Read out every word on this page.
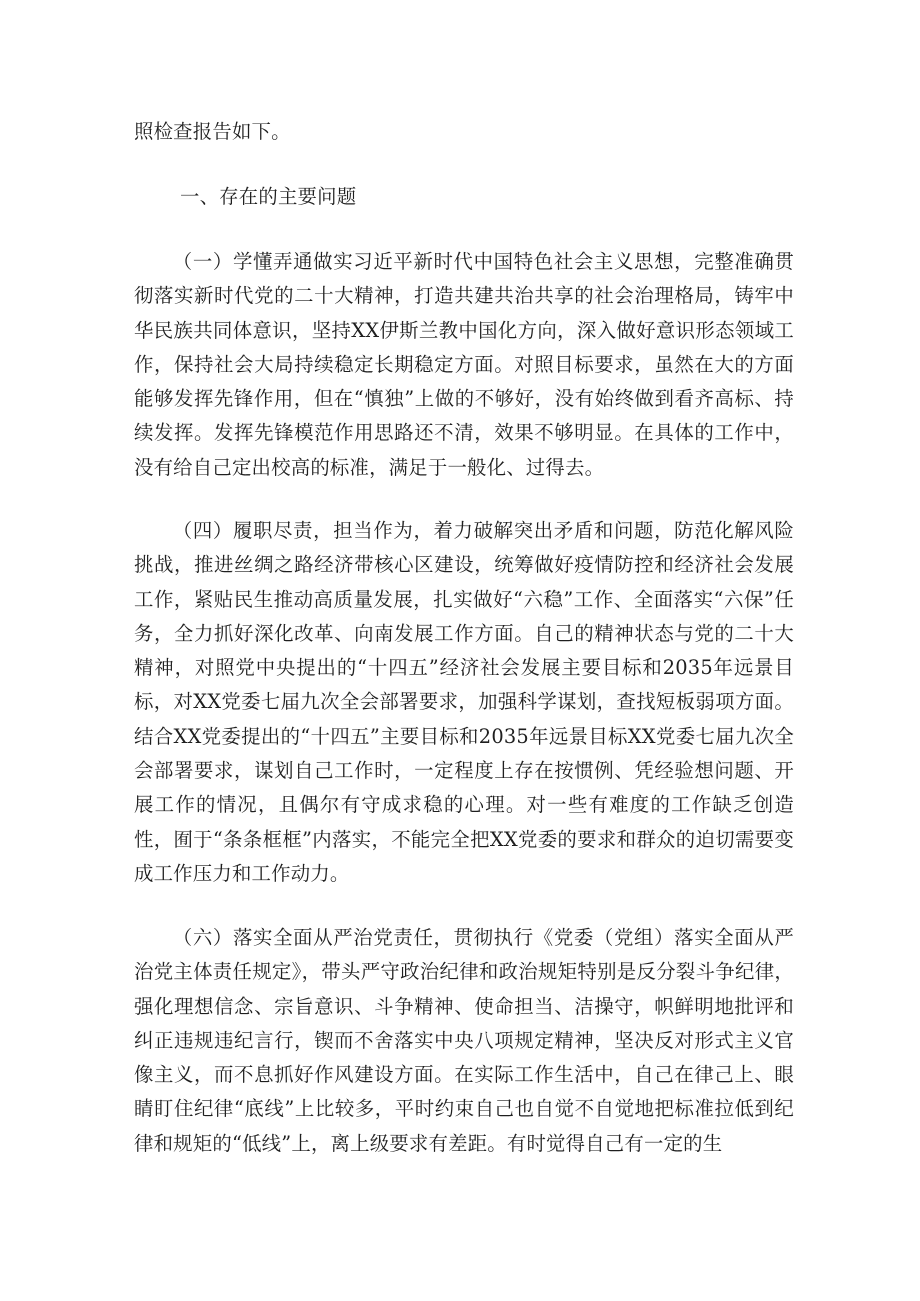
照检查报告如下。

一、存在的主要问题

（一）学懂弄通做实习近平新时代中国特色社会主义思想，完整准确贯彻落实新时代党的二十大精神，打造共建共治共享的社会治理格局，铸牢中华民族共同体意识，坚持XX伊斯兰教中国化方向，深入做好意识形态领域工作，保持社会大局持续稳定长期稳定方面。对照目标要求，虽然在大的方面能够发挥先锋作用，但在“慎独”上做的不够好，没有始终做到看齐高标、持续发挥。发挥先锋模范作用思路还不清，效果不够明显。在具体的工作中，没有给自己定出校高的标准，满足于一般化、过得去。

（四）履职尽责，担当作为，着力破解突出矛盾和问题，防范化解风险挑战，推进丝绸之路经济带核心区建设，统筹做好疫情防控和经济社会发展工作，紧贴民生推动高质量发展，扎实做好“六稳”工作、全面落实“六保”任务，全力抓好深化改革、向南发展工作方面。自己的精神状态与党的二十大精神，对照党中央提出的“十四五”经济社会发展主要目标和2035年远景目标，对XX党委七届九次全会部署要求，加强科学谋划，查找短板弱项方面。结合XX党委提出的“十四五”主要目标和2035年远景目标XX党委七届九次全会部署要求，谋划自己工作时，一定程度上存在按惯例、凭经验想问题、开展工作的情况，且偶尔有守成求稳的心理。对一些有难度的工作缺乏创造性，囿于“条条框框”内落实，不能完全把XX党委的要求和群众的迫切需要变成工作压力和工作动力。

（六）落实全面从严治党责任，贯彻执行《党委（党组）落实全面从严治党主体责任规定》，带头严守政治纪律和政治规矩特别是反分裂斗争纪律，强化理想信念、宗旨意识、斗争精神、使命担当、洁操守，帜鲜明地批评和纠正违规违纪言行，锲而不舍落实中央八项规定精神，坚决反对形式主义官像主义，而不息抓好作风建设方面。在实际工作生活中，自己在律己上、眼睛盯住纪律“底线”上比较多，平时约束自己也自觉不自觉地把标准拉低到纪律和规矩的“低线”上，离上级要求有差距。有时觉得自己有一定的生
